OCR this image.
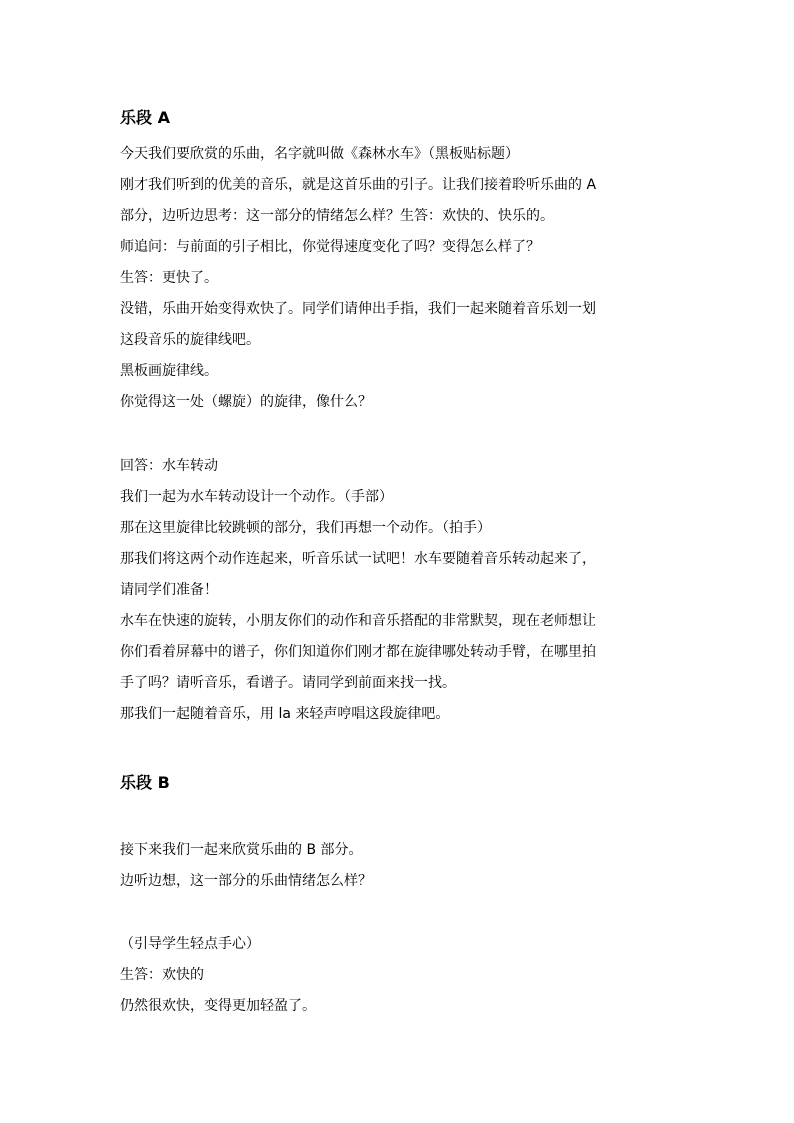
乐段 A
今天我们要欣赏的乐曲，名字就叫做《森林水车》（黑板贴标题）
刚才我们听到的优美的音乐，就是这首乐曲的引子。让我们接着聆听乐曲的 A
部分，边听边思考：这一部分的情绪怎么样？生答：欢快的、快乐的。
师追问：与前面的引子相比，你觉得速度变化了吗？变得怎么样了？
生答：更快了。
没错，乐曲开始变得欢快了。同学们请伸出手指，我们一起来随着音乐划一划
这段音乐的旋律线吧。
黑板画旋律线。
你觉得这一处（螺旋）的旋律，像什么？
回答：水车转动
我们一起为水车转动设计一个动作。（手部）
那在这里旋律比较跳顿的部分，我们再想一个动作。（拍手）
那我们将这两个动作连起来，听音乐试一试吧！水车要随着音乐转动起来了，
请同学们准备！
水车在快速的旋转，小朋友你们的动作和音乐搭配的非常默契，现在老师想让
你们看着屏幕中的谱子，你们知道你们刚才都在旋律哪处转动手臂，在哪里拍
手了吗？请听音乐，看谱子。请同学到前面来找一找。
那我们一起随着音乐，用 la 来轻声哼唱这段旋律吧。
乐段 B
接下来我们一起来欣赏乐曲的 B 部分。
边听边想，这一部分的乐曲情绪怎么样？
（引导学生轻点手心）
生答：欢快的
仍然很欢快，变得更加轻盈了。
